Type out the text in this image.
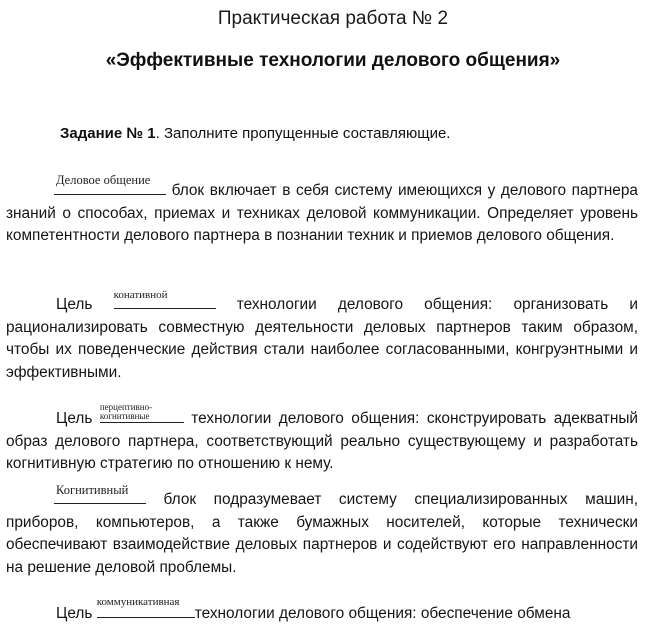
Практическая работа № 2
«Эффективные технологии делового общения»
Задание № 1. Заполните пропущенные составляющие.
Деловое общение
блок включает в себя систему имеющихся у делового партнера знаний о способах, приемах и техниках деловой коммуникации. Определяет уровень компетентности делового партнера в познании техник и приемов делового общения.
Цель
конативной
технологии делового общения: организовать и рационализировать совместную деятельности деловых партнеров таким образом, чтобы их поведенческие действия стали наиболее согласованными, конгруэнтными и эффективными.
Цель
перцептивно-
когнитивные	технологии делового общения: сконструировать адекватный образ делового партнера, соответствующий реально существующему и разработать когнитивную стратегию по отношению к нему.
Когнитивный
блок подразумевает систему специализированных машин, приборов, компьютеров, а также бумажных носителей, которые технически обеспечивают взаимодействие деловых партнеров и содействуют его направленности на решение деловой проблемы.
Цель
коммуникативная
технологии делового общения: обеспечение обмена
